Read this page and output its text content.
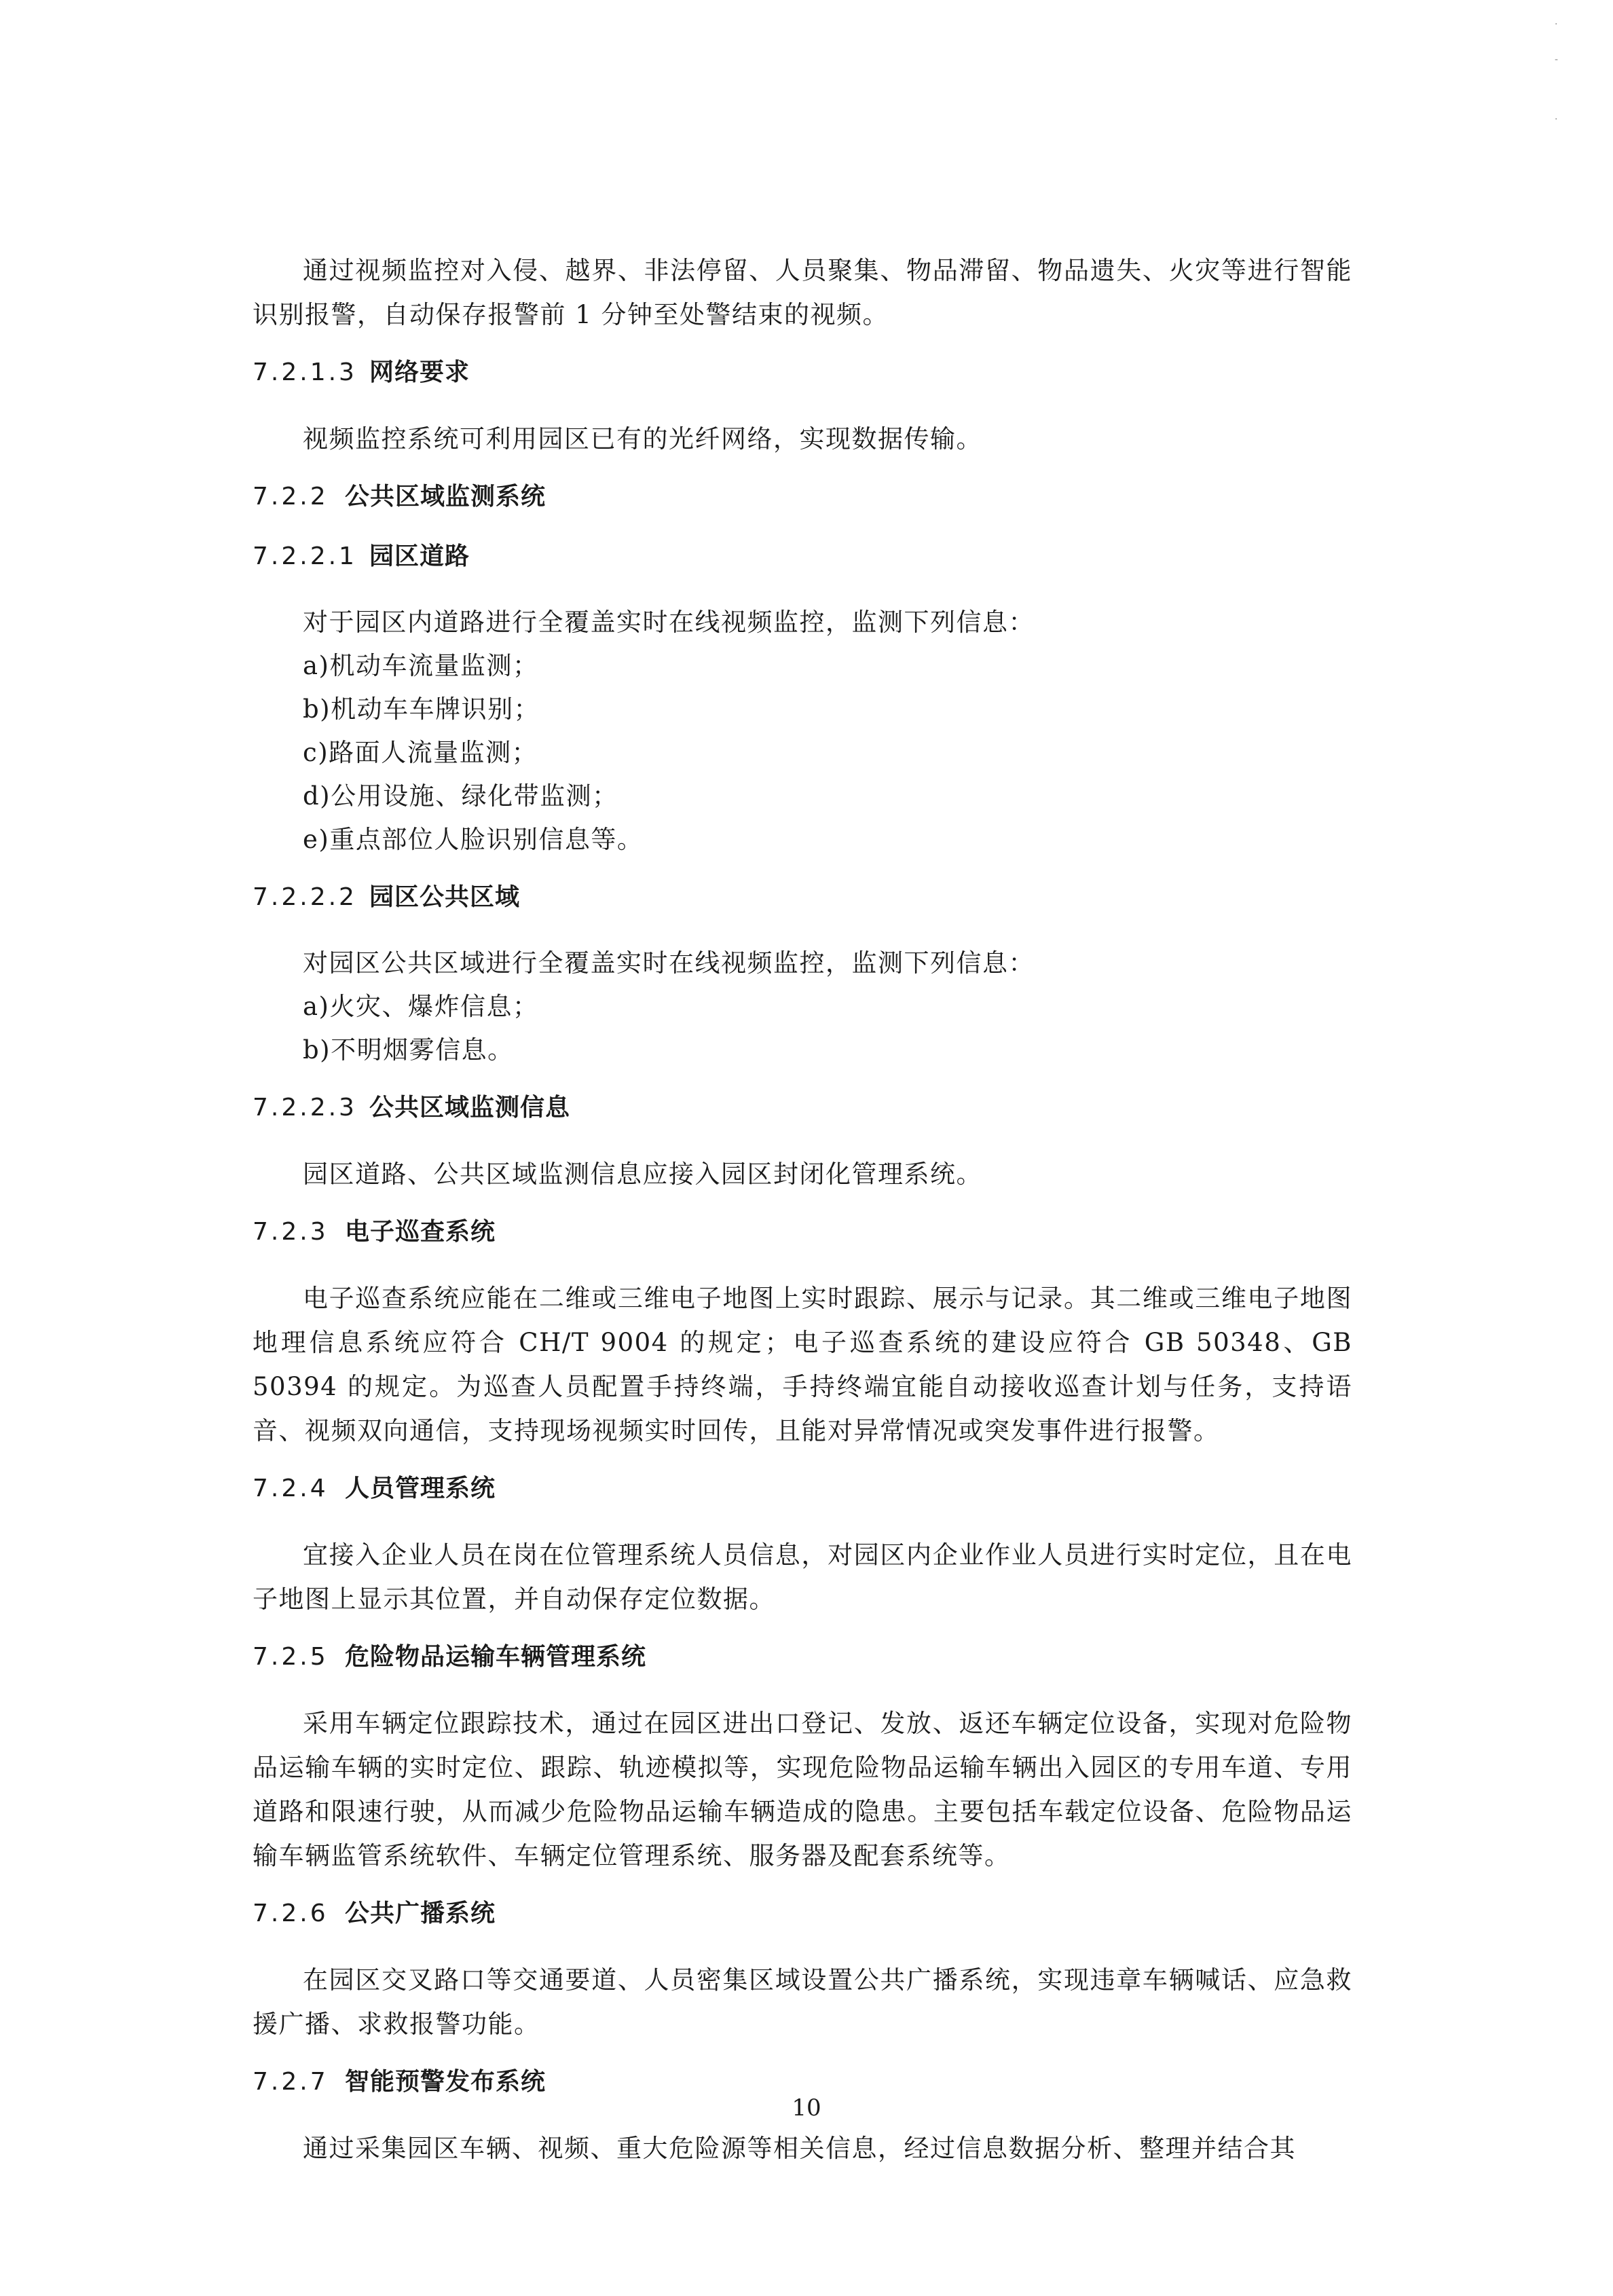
·
-
·

通过视频监控对入侵、越界、非法停留、人员聚集、物品滞留、物品遗失、火灾等进行智能识别报警，自动保存报警前 1 分钟至处警结束的视频。

7.2.1.3 网络要求

视频监控系统可利用园区已有的光纤网络，实现数据传输。

7.2.2 公共区域监测系统
7.2.2.1 园区道路
对于园区内道路进行全覆盖实时在线视频监控，监测下列信息：
a)机动车流量监测；
b)机动车车牌识别；
c)路面人流量监测；
d)公用设施、绿化带监测；
e)重点部位人脸识别信息等。
7.2.2.2 园区公共区域
对园区公共区域进行全覆盖实时在线视频监控，监测下列信息：
a)火灾、爆炸信息；
b)不明烟雾信息。
7.2.2.3 公共区域监测信息

园区道路、公共区域监测信息应接入园区封闭化管理系统。

7.2.3 电子巡查系统

电子巡查系统应能在二维或三维电子地图上实时跟踪、展示与记录。其二维或三维电子地图地理信息系统应符合 CH/T 9004 的规定；电子巡查系统的建设应符合 GB 50348、GB 50394 的规定。为巡查人员配置手持终端，手持终端宜能自动接收巡查计划与任务，支持语音、视频双向通信，支持现场视频实时回传，且能对异常情况或突发事件进行报警。

7.2.4 人员管理系统

宜接入企业人员在岗在位管理系统人员信息，对园区内企业作业人员进行实时定位，且在电子地图上显示其位置，并自动保存定位数据。

7.2.5 危险物品运输车辆管理系统

采用车辆定位跟踪技术，通过在园区进出口登记、发放、返还车辆定位设备，实现对危险物品运输车辆的实时定位、跟踪、轨迹模拟等，实现危险物品运输车辆出入园区的专用车道、专用道路和限速行驶，从而减少危险物品运输车辆造成的隐患。主要包括车载定位设备、危险物品运输车辆监管系统软件、车辆定位管理系统、服务器及配套系统等。

7.2.6 公共广播系统

在园区交叉路口等交通要道、人员密集区域设置公共广播系统，实现违章车辆喊话、应急救援广播、求救报警功能。

7.2.7 智能预警发布系统

通过采集园区车辆、视频、重大危险源等相关信息，经过信息数据分析、整理并结合其

10
